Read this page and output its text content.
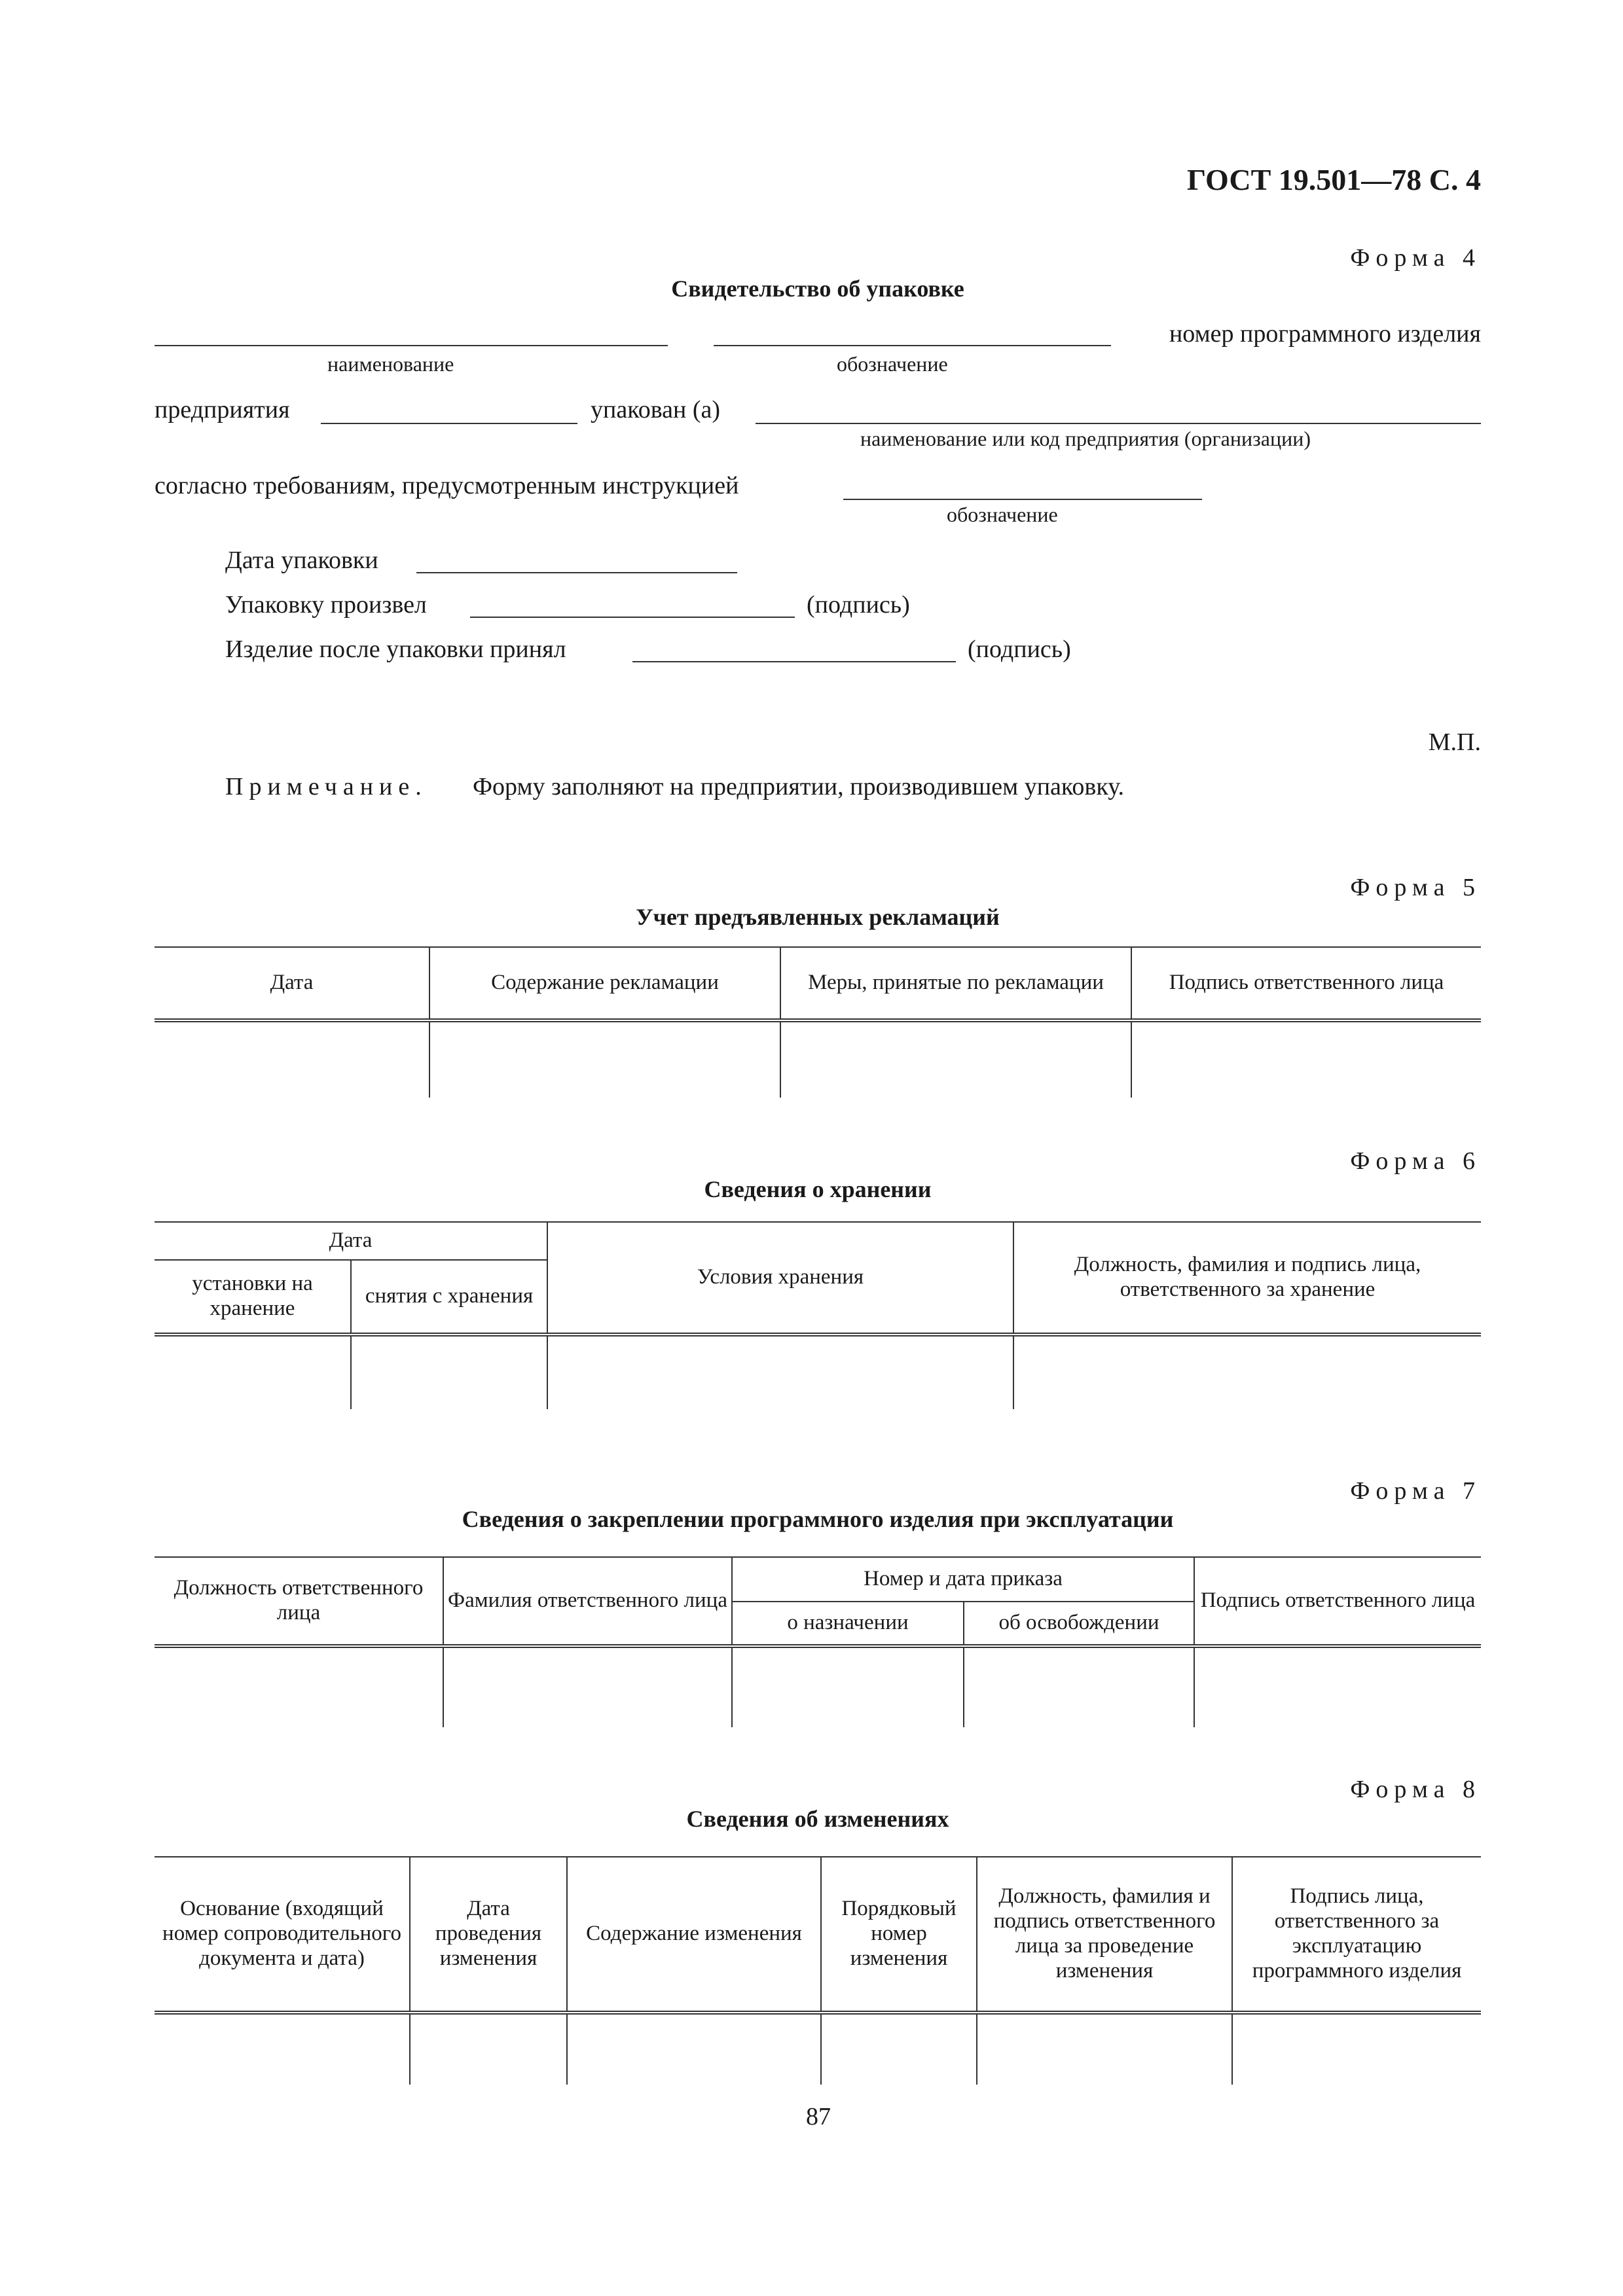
ГОСТ 19.501—78 С. 4
Форма 4
Свидетельство об упаковке
номер программного изделия
наименование	обозначение
предприятия	упакован (а)
наименование или код предприятия (организации)
согласно требованиям, предусмотренным инструкцией
обозначение
Дата упаковки
Упаковку произвел	(подпись)
Изделие после упаковки принял	(подпись)
М.П.
Примечание. Форму заполняют на предприятии, производившем упаковку.
Форма 5
Учет предъявленных рекламаций
Дата	Содержание рекламации	Меры, принятые по рекламации	Подпись ответственного лица

Форма 6
Сведения о хранении
Дата		Условия хранения	Должность, фамилия и подпись лица, ответственного за хранение
установки на хранение	снятия с хранения		

Форма 7
Сведения о закреплении программного изделия при эксплуатации
Должность ответственного лица	Фамилия ответственного лица	Номер и дата приказа		Подпись ответственного лица
		о назначении	об освобождении	

Форма 8
Сведения об изменениях
Основание (входящий номер сопроводительного документа и дата)	Дата проведения изменения	Содержание изменения	Порядковый номер изменения	Должность, фамилия и подпись ответственного лица за проведение изменения	Подпись лица, ответственного за эксплуатацию программного изделия

87
